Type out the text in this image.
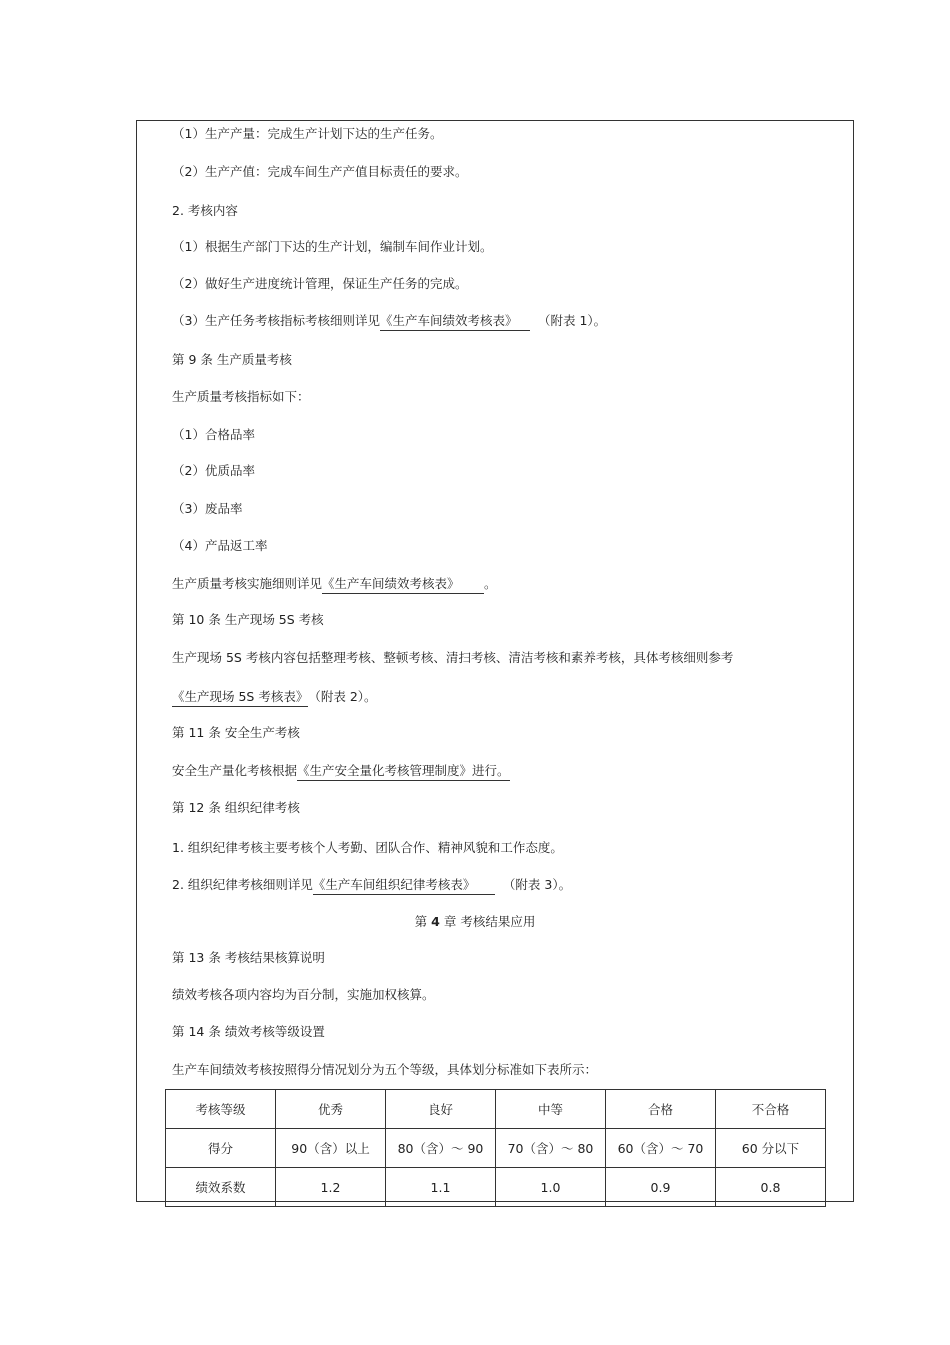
（1）生产产量：完成生产计划下达的生产任务。
（2）生产产值：完成车间生产产值目标责任的要求。
2. 考核内容
（1）根据生产部门下达的生产计划，编制车间作业计划。
（2）做好生产进度统计管理，保证生产任务的完成。
（3）生产任务考核指标考核细则详见《生产车间绩效考核表》 （附表 1）。
第 9 条 生产质量考核
生产质量考核指标如下：
（1）合格品率
（2）优质品率
（3）废品率
（4）产品返工率
生产质量考核实施细则详见《生产车间绩效考核表》 。
第 10 条 生产现场 5S 考核
生产现场 5S 考核内容包括整理考核、整顿考核、清扫考核、清洁考核和素养考核，具体考核细则参考
《生产现场 5S 考核表》（附表 2）。
第 11 条 安全生产考核
安全生产量化考核根据《生产安全量化考核管理制度》进行。
第 12 条 组织纪律考核
1. 组织纪律考核主要考核个人考勤、团队合作、精神风貌和工作态度。
2. 组织纪律考核细则详见《生产车间组织纪律考核表》 （附表 3）。
第 4 章 考核结果应用
第 13 条 考核结果核算说明
绩效考核各项内容均为百分制，实施加权核算。
第 14 条 绩效考核等级设置
生产车间绩效考核按照得分情况划分为五个等级，具体划分标准如下表所示：
考核等级	优秀	良好	中等	合格	不合格
得分	90（含）以上	80（含）～ 90	70（含）～ 80	60（含）～ 70	60 分以下
绩效系数	1.2	1.1	1.0	0.9	0.8
